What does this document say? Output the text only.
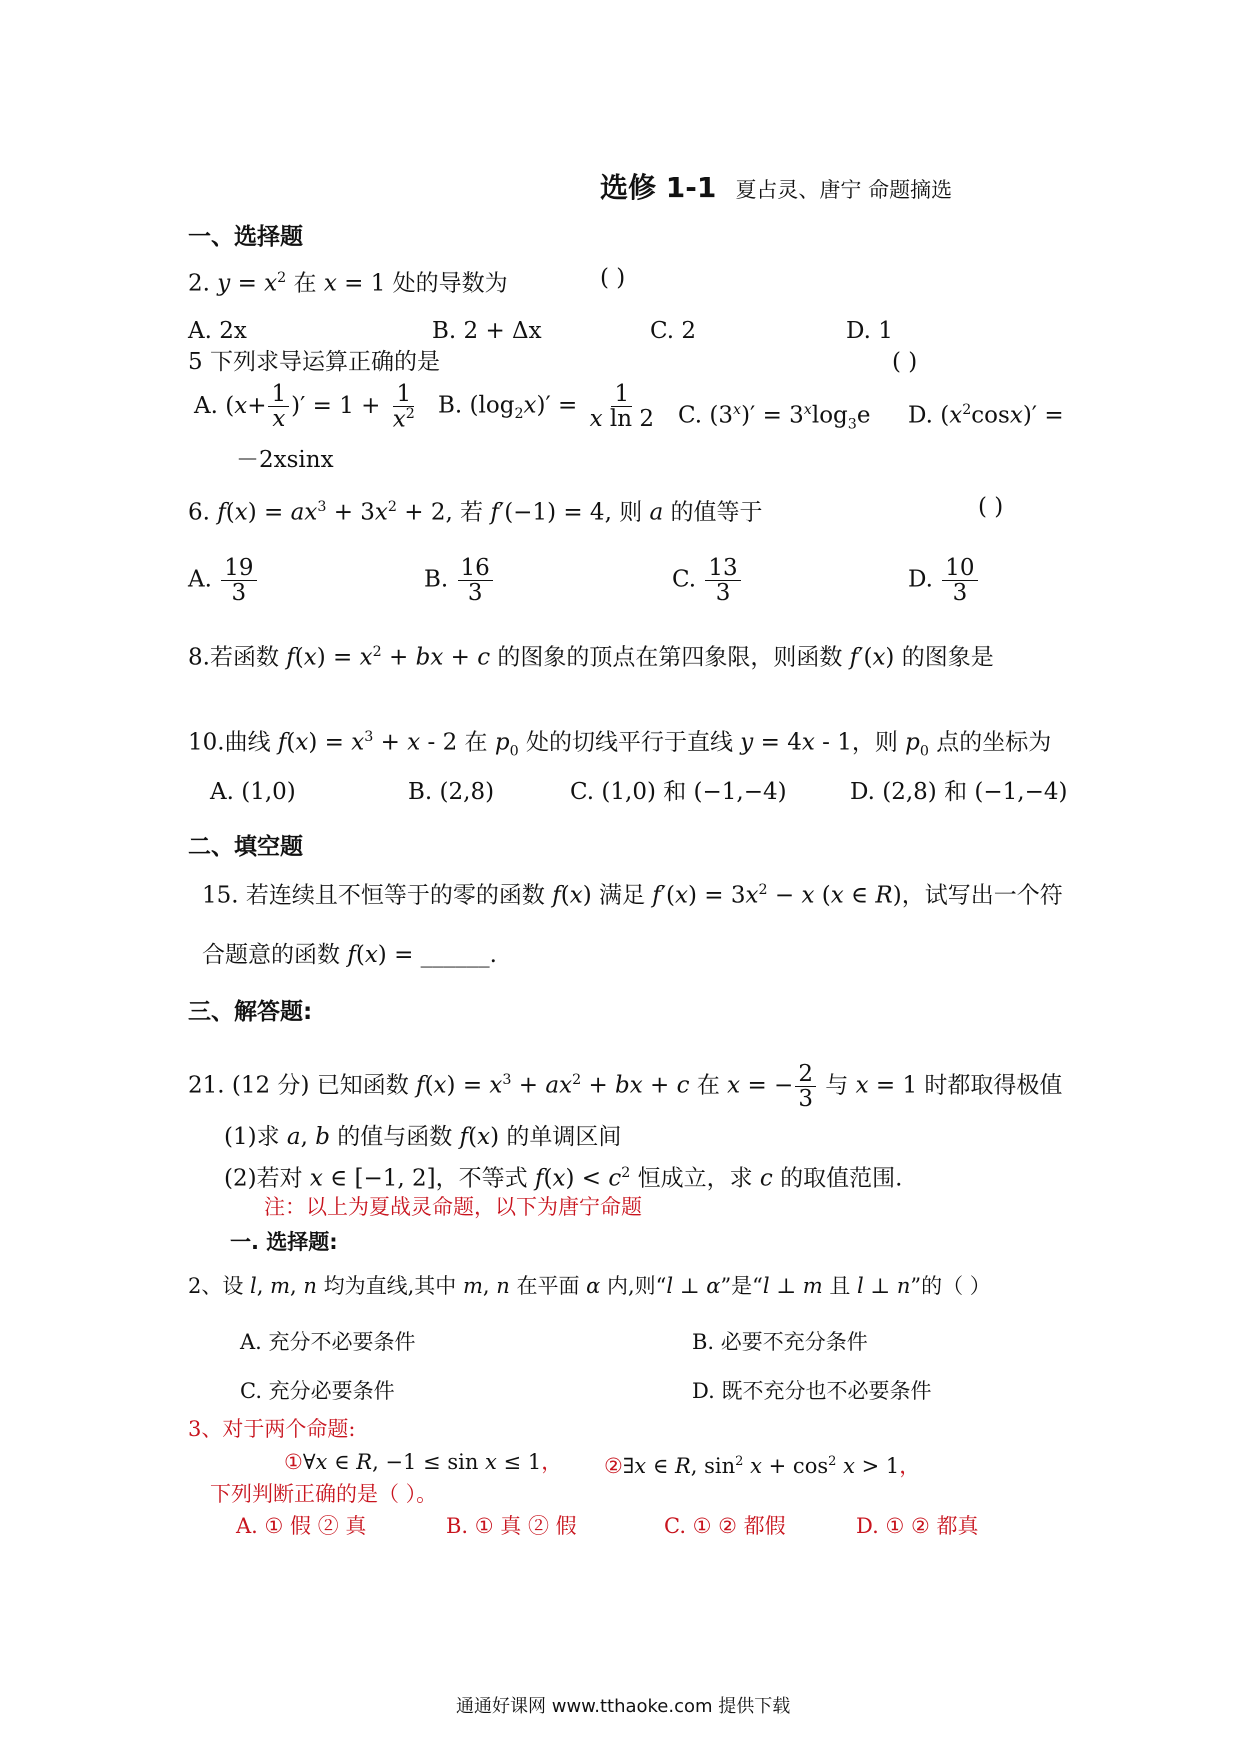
选修 1-1 夏占灵、唐宁 命题摘选
一、选择题
2. $y = x^2$ 在 x = 1 处的导数为	( )
A. 2x	B. 2 + Δx	C. 2	D. 1
5 下列求导运算正确的是	( )
A. ($x+ \frac{1}{x}$ )′ = $1 + \frac{1}{x^2} B$. $(\log_2x)' = \frac{1}{\text{x ln 2}} C$. $(3^x)' = 3^x\log_3e$ D. $(x^2\cos x)'$ =
－2xsinx
6. $f(x) = ax^3 + 3x^2 + 2$, 若 f′(−1) = 4, 则 a 的值等于	( )
A. $\frac{19}{3}$	B. $\frac{16}{3}$	C. $\frac{13}{3}$	D. $\frac{10}{3}$
8.若函数 $f(x) = x^2$ + bx + c 的图象的顶点在第四象限，则函数 f′(x) 的图象是
10.曲线 $f(x) = x^3 + x - 2$ 在 $p_0$ 处的切线平行于直线 y = 4x - 1，则 $p_0$ 点的坐标为
A. (1,0)	B. (2,8)	C. (1,0) 和 (−1,−4)	D. (2,8) 和 (−1,−4)
二、填空题
15. 若连续且不恒等于的零的函数 f(x) 满足 $f'(x) = 3x^2 - x$ (x ∈ R)，试写出一个符
合题意的函数 f(x) = ______.
三、解答题:
21. (12 分) 已知函数 $f(x) = x^3 + ax^2$ + bx + c 在 x = − $\frac{2}{3}$ 与 x = 1 时都取得极值
(1)求 a, b 的值与函数 f(x) 的单调区间
(2)若对 x ∈ [−1, 2]，不等式 $f(x) < c^2$ 恒成立，求 c 的取值范围.
注：以上为夏战灵命题，以下为唐宁命题
一. 选择题:
2、设 l, m, n 均为直线,其中 m, n 在平面 α 内,则“l ⊥ α”是“l ⊥ m 且 l ⊥ n”的（ ）
A. 充分不必要条件	B. 必要不充分条件
C. 充分必要条件	D. 既不充分也不必要条件
3、对于两个命题:
①∀x ∈ R, −1 ≤ sin x ≤ 1， ②∃x ∈ R, $\sin^2 x + \cos^2 x > 1$，
下列判断正确的是（ ）。
A. ① 假 ② 真	B. ① 真 ② 假	C. ① ② 都假	D. ① ② 都真
通通好课网 www.tthaoke.com 提供下载
